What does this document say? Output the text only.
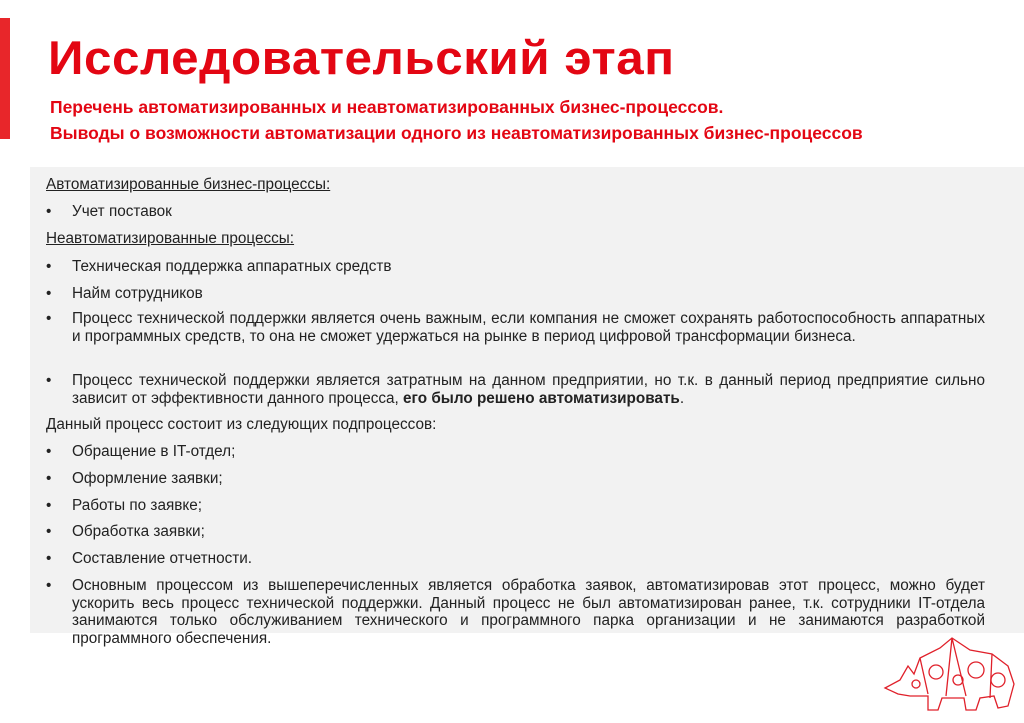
Исследовательский этап
Перечень автоматизированных и неавтоматизированных бизнес-процессов.
Выводы о возможности автоматизации одного из неавтоматизированных бизнес-процессов
Автоматизированные бизнес-процессы:
• Учет поставок
Неавтоматизированные процессы:
• Техническая поддержка аппаратных средств
• Найм сотрудников
• Процесс технической поддержки является очень важным, если компания не сможет сохранять работоспособность аппаратных и программных средств, то она не сможет удержаться на рынке в период цифровой трансформации бизнеса.
• Процесс технической поддержки является затратным на данном предприятии, но т.к. в данный период предприятие сильно зависит от эффективности данного процесса, его было решено автоматизировать.
Данный процесс состоит из следующих подпроцессов:
• Обращение в IT-отдел;
• Оформление заявки;
• Работы по заявке;
• Обработка заявки;
• Составление отчетности.
• Основным процессом из вышеперечисленных является обработка заявок, автоматизировав этот процесс, можно будет ускорить весь процесс технической поддержки. Данный процесс не был автоматизирован ранее, т.к. сотрудники IT-отдела занимаются только обслуживанием технического и программного парка организации и не занимаются разработкой программного обеспечения.
